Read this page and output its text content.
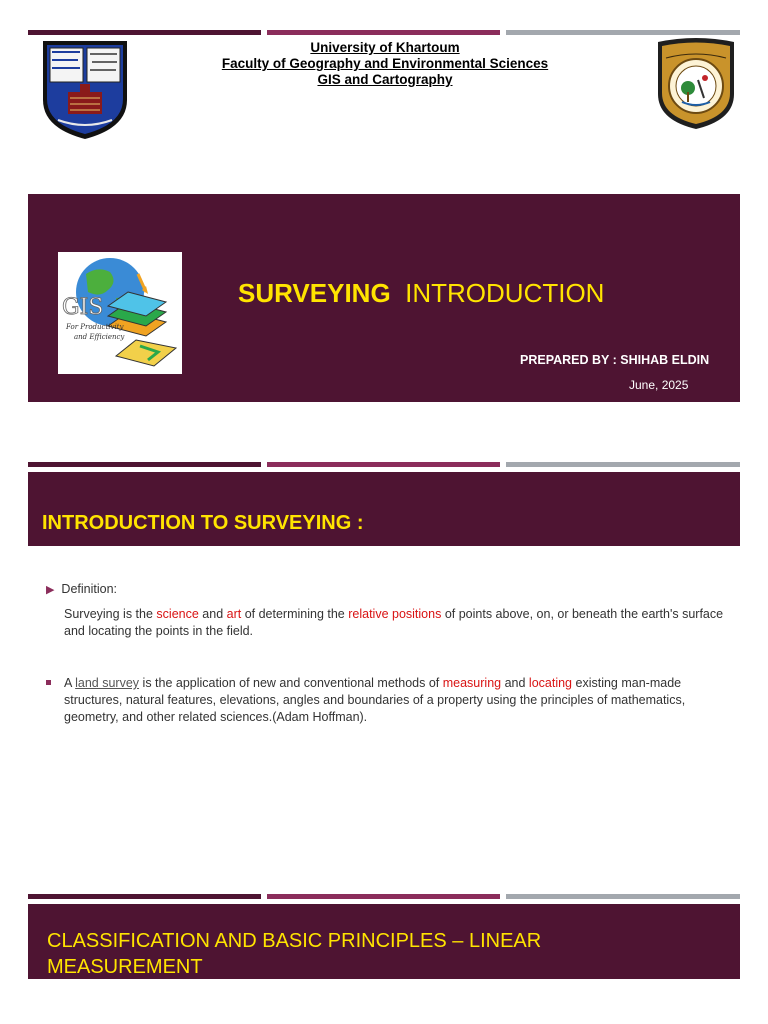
University of Khartoum
Faculty of Geography and Environmental Sciences
GIS and Cartography
GIS
For Productivity
and Efficiency
SURVEYING INTRODUCTION
PREPARED BY : SHIHAB ELDIN
June, 2025
INTRODUCTION TO SURVEYING :
▶ Definition:
Surveying is the science and art of determining the relative positions of points above, on, or beneath the earth's surface and locating the points in the field.
A land survey is the application of new and conventional methods of measuring and locating existing man-made structures, natural features, elevations, angles and boundaries of a property using the principles of mathematics, geometry, and other related sciences.(Adam Hoffman).
CLASSIFICATION AND BASIC PRINCIPLES – LINEAR MEASUREMENT
